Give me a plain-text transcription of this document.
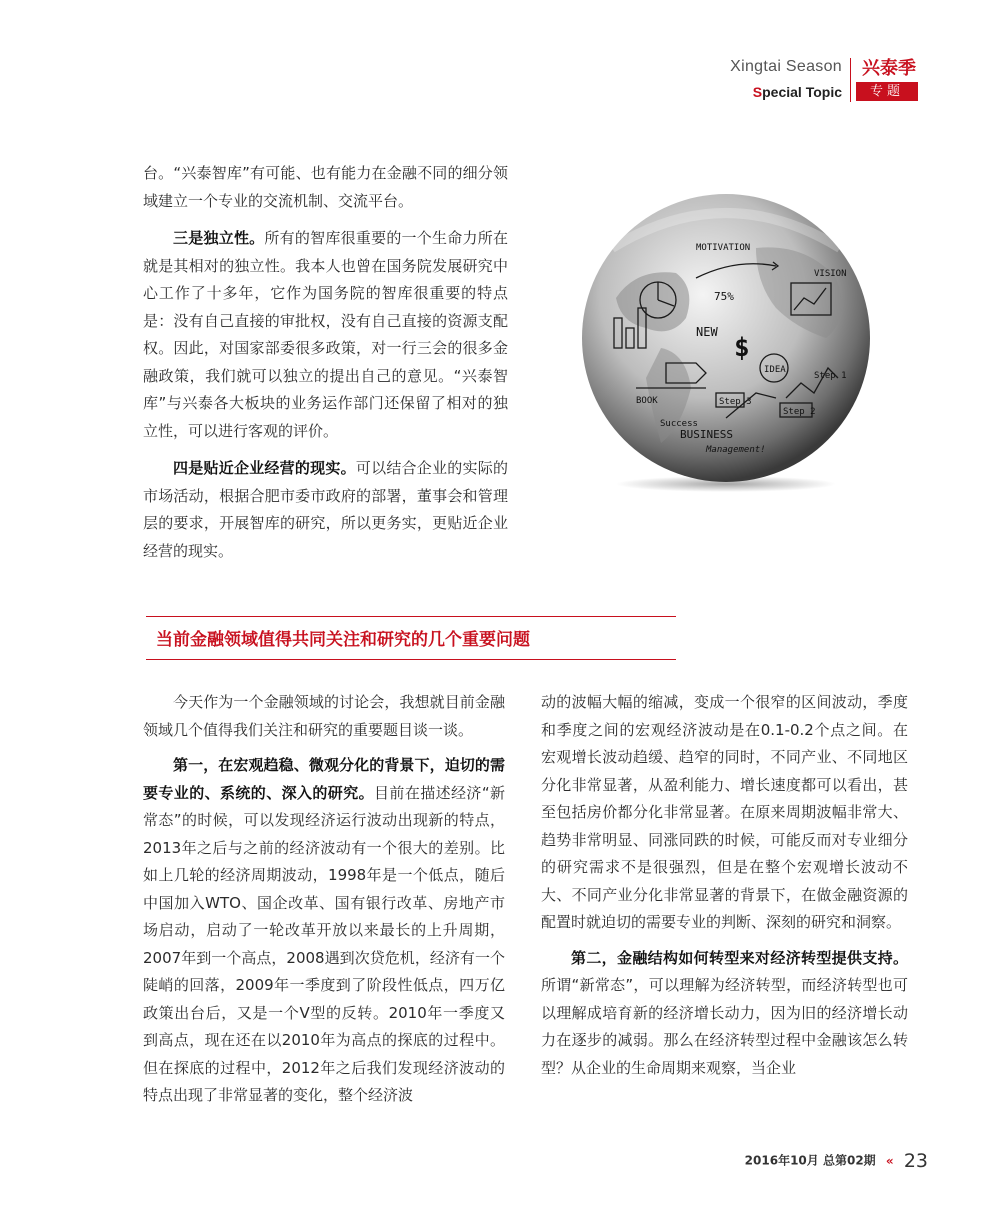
Xingtai Season
Special Topic
兴泰季
专题

台。“兴泰智库”有可能、也有能力在金融不同的细分领域建立一个专业的交流机制、交流平台。

三是独立性。所有的智库很重要的一个生命力所在就是其相对的独立性。我本人也曾在国务院发展研究中心工作了十多年，它作为国务院的智库很重要的特点是：没有自己直接的审批权，没有自己直接的资源支配权。因此，对国家部委很多政策，对一行三会的很多金融政策，我们就可以独立的提出自己的意见。“兴泰智库”与兴泰各大板块的业务运作部门还保留了相对的独立性，可以进行客观的评价。

四是贴近企业经营的现实。可以结合企业的实际的市场活动，根据合肥市委市政府的部署，董事会和管理层的要求，开展智库的研究，所以更务实，更贴近企业经营的现实。

MOTIVATION
VISION
NEW
IDEA
Step 3
Step 2
Step 1
BOOK
Success
BUSINESS
Management!
75%
$
当前金融领域值得共同关注和研究的几个重要问题

今天作为一个金融领域的讨论会，我想就目前金融领域几个值得我们关注和研究的重要题目谈一谈。

第一，在宏观趋稳、微观分化的背景下，迫切的需要专业的、系统的、深入的研究。目前在描述经济“新常态”的时候，可以发现经济运行波动出现新的特点，2013年之后与之前的经济波动有一个很大的差别。比如上几轮的经济周期波动，1998年是一个低点，随后中国加入WTO、国企改革、国有银行改革、房地产市场启动，启动了一轮改革开放以来最长的上升周期，2007年到一个高点，2008遇到次贷危机，经济有一个陡峭的回落，2009年一季度到了阶段性低点，四万亿政策出台后，又是一个V型的反转。2010年一季度又到高点，现在还在以2010年为高点的探底的过程中。但在探底的过程中，2012年之后我们发现经济波动的特点出现了非常显著的变化，整个经济波

动的波幅大幅的缩减，变成一个很窄的区间波动，季度和季度之间的宏观经济波动是在0.1-0.2个点之间。在宏观增长波动趋缓、趋窄的同时，不同产业、不同地区分化非常显著，从盈利能力、增长速度都可以看出，甚至包括房价都分化非常显著。在原来周期波幅非常大、趋势非常明显、同涨同跌的时候，可能反而对专业细分的研究需求不是很强烈，但是在整个宏观增长波动不大、不同产业分化非常显著的背景下，在做金融资源的配置时就迫切的需要专业的判断、深刻的研究和洞察。

第二，金融结构如何转型来对经济转型提供支持。所谓“新常态”，可以理解为经济转型，而经济转型也可以理解成培育新的经济增长动力，因为旧的经济增长动力在逐步的减弱。那么在经济转型过程中金融该怎么转型？从企业的生命周期来观察，当企业

2016年10月 总第02期 « 23
